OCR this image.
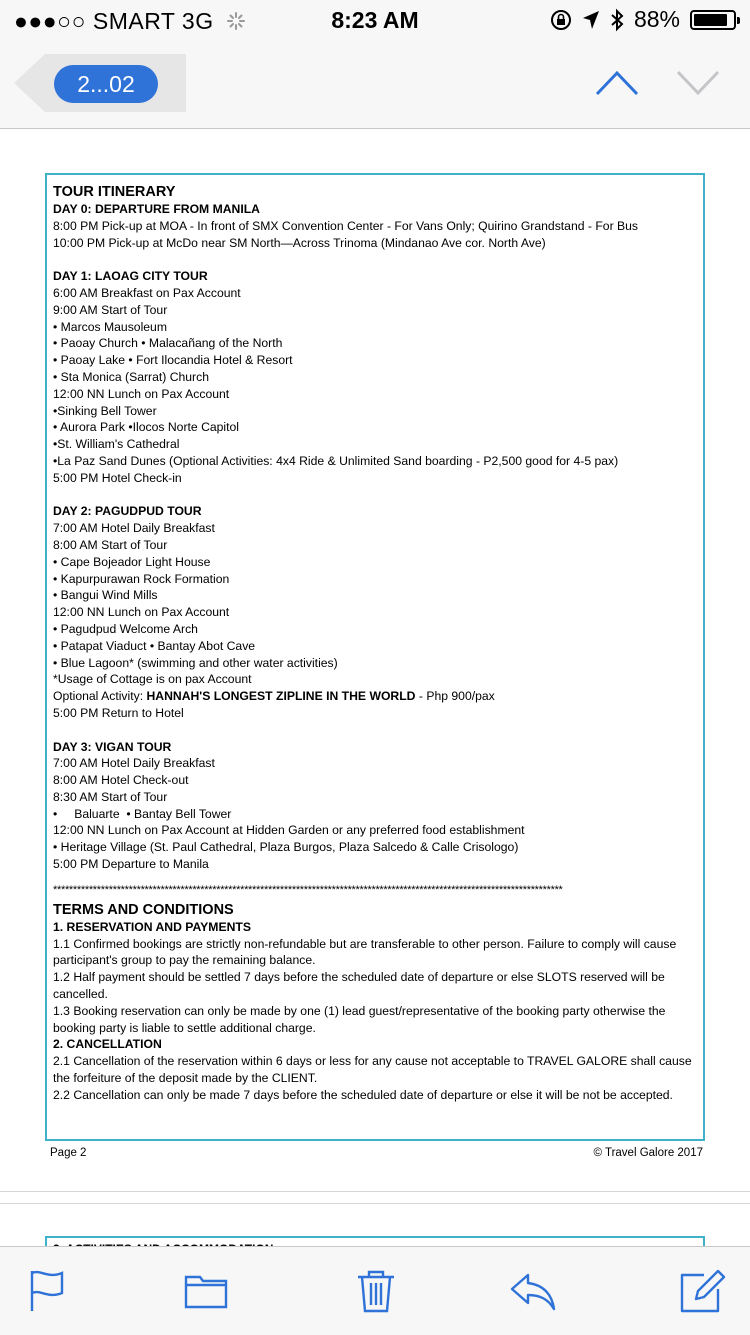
●●●○○ SMART 3G	8:23 AM	88%
2...02
TOUR ITINERARY
DAY 0: DEPARTURE FROM MANILA
8:00 PM Pick-up at MOA - In front of SMX Convention Center - For Vans Only; Quirino Grandstand - For Bus
10:00 PM Pick-up at McDo near SM North—Across Trinoma (Mindanao Ave cor. North Ave)
DAY 1: LAOAG CITY TOUR
6:00 AM Breakfast on Pax Account
9:00 AM Start of Tour
• Marcos Mausoleum
• Paoay Church • Malacañang of the North
• Paoay Lake • Fort Ilocandia Hotel & Resort
• Sta Monica (Sarrat) Church
12:00 NN Lunch on Pax Account
•Sinking Bell Tower
• Aurora Park •Ilocos Norte Capitol
•St. William's Cathedral
•La Paz Sand Dunes (Optional Activities: 4x4 Ride & Unlimited Sand boarding - P2,500 good for 4-5 pax)
5:00 PM Hotel Check-in
DAY 2: PAGUDPUD TOUR
7:00 AM Hotel Daily Breakfast
8:00 AM Start of Tour
• Cape Bojeador Light House
• Kapurpurawan Rock Formation
• Bangui Wind Mills
12:00 NN Lunch on Pax Account
• Pagudpud Welcome Arch
• Patapat Viaduct • Bantay Abot Cave
• Blue Lagoon* (swimming and other water activities)
*Usage of Cottage is on pax Account
Optional Activity: HANNAH'S LONGEST ZIPLINE IN THE WORLD - Php 900/pax
5:00 PM Return to Hotel
DAY 3: VIGAN TOUR
7:00 AM Hotel Daily Breakfast
8:00 AM Hotel Check-out
8:30 AM Start of Tour
•     Baluarte  • Bantay Bell Tower
12:00 NN Lunch on Pax Account at Hidden Garden or any preferred food establishment
• Heritage Village (St. Paul Cathedral, Plaza Burgos, Plaza Salcedo & Calle Crisologo)
5:00 PM Departure to Manila
********************************************************************************************************************************
TERMS AND CONDITIONS
1. RESERVATION AND PAYMENTS
1.1 Confirmed bookings are strictly non-refundable but are transferable to other person. Failure to comply will cause participant's group to pay the remaining balance.
1.2 Half payment should be settled 7 days before the scheduled date of departure or else SLOTS reserved will be cancelled.
1.3 Booking reservation can only be made by one (1) lead guest/representative of the booking party otherwise the booking party is liable to settle additional charge.
2. CANCELLATION
2.1 Cancellation of the reservation within 6 days or less for any cause not acceptable to TRAVEL GALORE shall cause the forfeiture of the deposit made by the CLIENT.
2.2 Cancellation can only be made 7 days before the scheduled date of departure or else it will be not be accepted.
Page 2	© Travel Galore 2017
